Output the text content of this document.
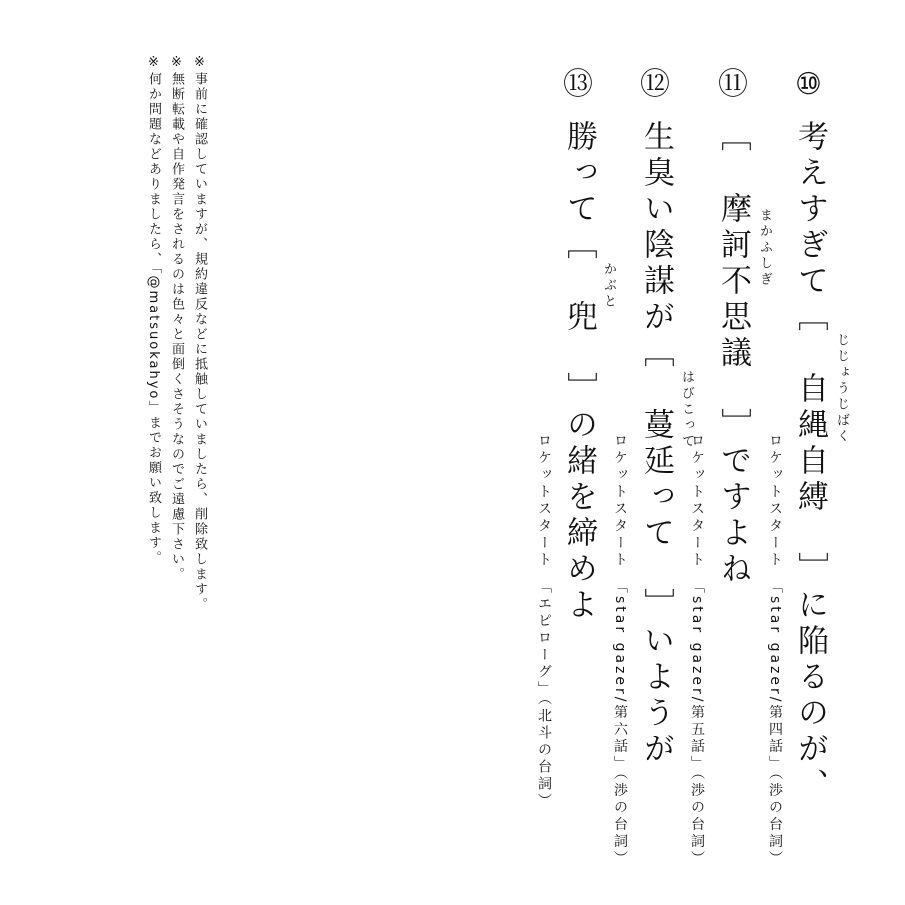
⑩
考えすぎて［　自縄自縛　］に陥るのが、 じじょうじばく
ロケットスタート　「star gazer/第四話」（渉の台詞）
⑪
［　摩訶不思議　］ですよね まかふしぎ
ロケットスタート　「star gazer/第五話」（渉の台詞）
⑫
生臭い陰謀が［　蔓延って　］いようが はびこって
ロケットスタート　「star gazer/第六話」（渉の台詞）
⑬
勝って［　兜　］の緒を締めよ かぶと
ロケットスタート　「エピローグ」（北斗の台詞）
※事前に確認していますが、規約違反などに抵触していましたら、削除致します。
※無断転載や自作発言をされるのは色々と面倒くさそうなのでご遠慮下さい。
※何か問題などありましたら、「@matsuokahyo」までお願い致します。
